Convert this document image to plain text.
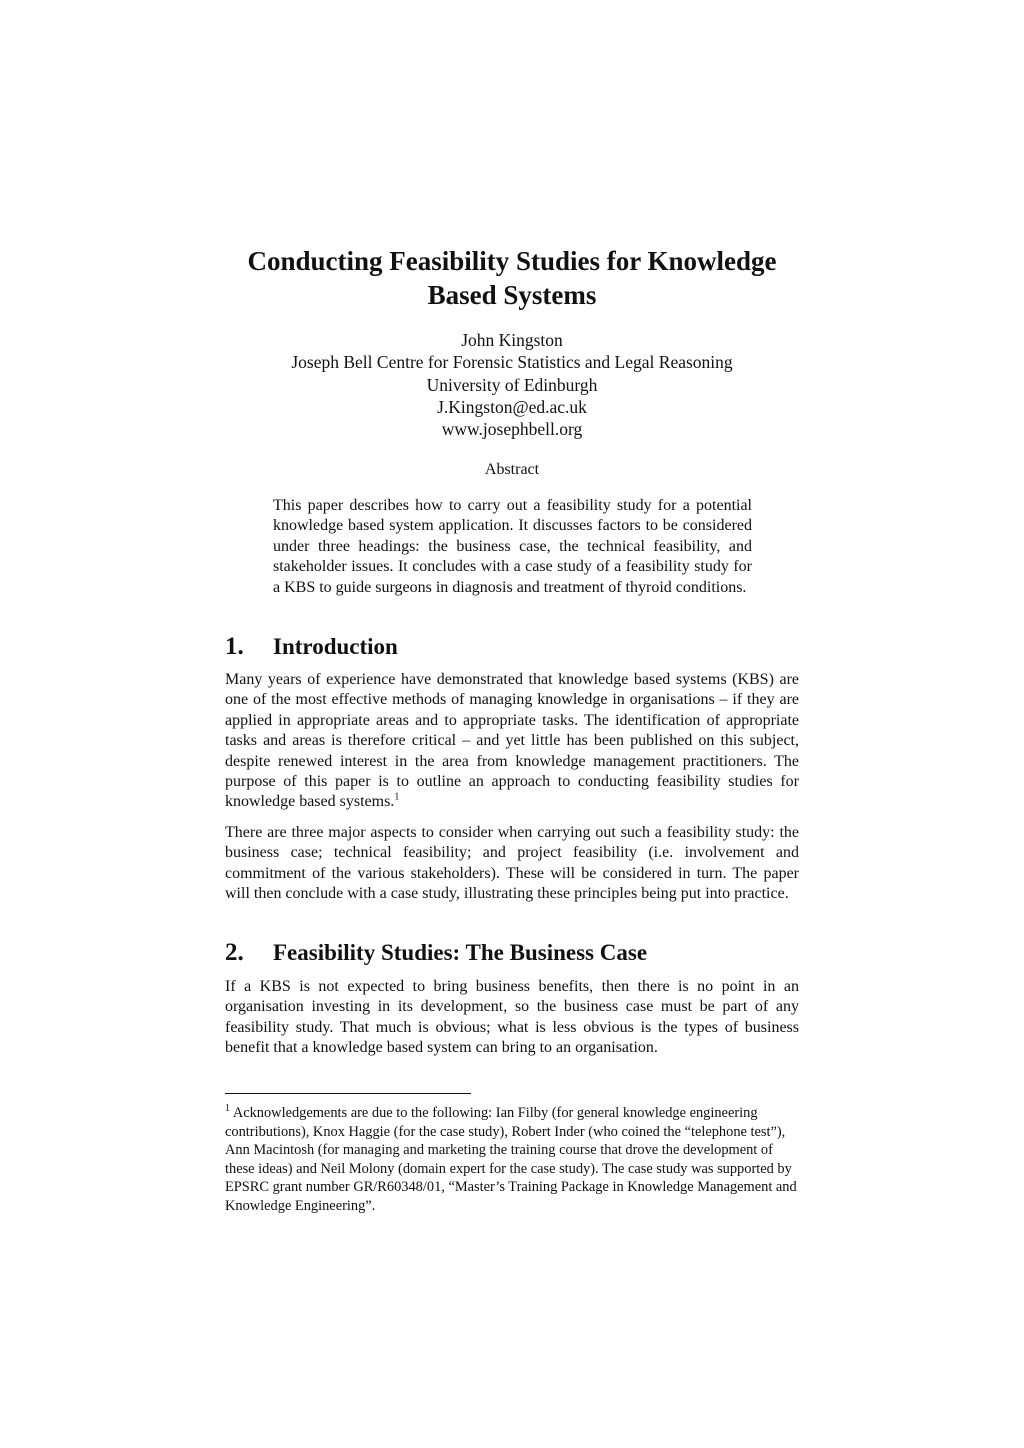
Conducting Feasibility Studies for Knowledge
Based Systems
John Kingston
Joseph Bell Centre for Forensic Statistics and Legal Reasoning
University of Edinburgh
J.Kingston@ed.ac.uk
www.josephbell.org
Abstract

This paper describes how to carry out a feasibility study for a potential knowledge based system application. It discusses factors to be considered under three headings: the business case, the technical feasibility, and stakeholder issues. It concludes with a case study of a feasibility study for a KBS to guide surgeons in diagnosis and treatment of thyroid conditions.

1. Introduction

Many years of experience have demonstrated that knowledge based systems (KBS) are one of the most effective methods of managing knowledge in organisations – if they are applied in appropriate areas and to appropriate tasks. The identification of appropriate tasks and areas is therefore critical – and yet little has been published on this subject, despite renewed interest in the area from knowledge management practitioners. The purpose of this paper is to outline an approach to conducting feasibility studies for knowledge based systems.$^1$

There are three major aspects to consider when carrying out such a feasibility study: the business case; technical feasibility; and project feasibility (i.e. involvement and commitment of the various stakeholders). These will be considered in turn. The paper will then conclude with a case study, illustrating these principles being put into practice.

2. Feasibility Studies: The Business Case

If a KBS is not expected to bring business benefits, then there is no point in an organisation investing in its development, so the business case must be part of any feasibility study. That much is obvious; what is less obvious is the types of business benefit that a knowledge based system can bring to an organisation.

$^1$ Acknowledgements are due to the following: Ian Filby (for general knowledge engineering contributions), Knox Haggie (for the case study), Robert Inder (who coined the “telephone test”), Ann Macintosh (for managing and marketing the training course that drove the development of these ideas) and Neil Molony (domain expert for the case study). The case study was supported by EPSRC grant number GR/R60348/01, “Master’s Training Package in Knowledge Management and Knowledge Engineering”.
